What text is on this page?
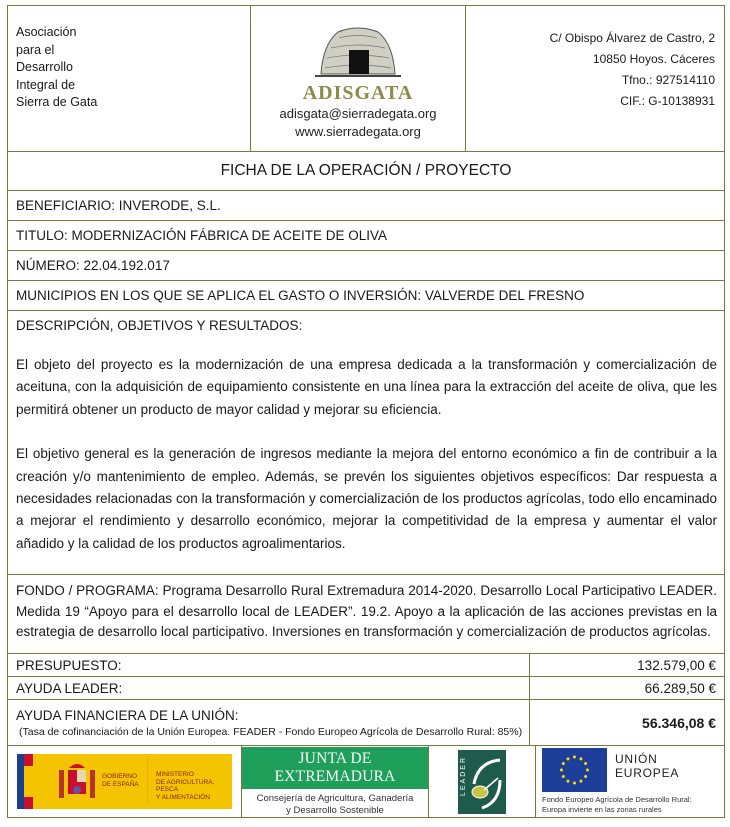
Asociación
para el
Desarrollo
Integral de
Sierra de Gata	ADISGATA
adisgata@sierradegata.org
www.sierradegata.org
C/ Obispo Álvarez de Castro, 2
10850 Hoyos. Cáceres
Tfno.: 927514110
CIF.: G-10138931
FICHA DE LA OPERACIÓN / PROYECTO
BENEFICIARIO: INVERODE, S.L.
TITULO: MODERNIZACIÓN FÁBRICA DE ACEITE DE OLIVA
NÚMERO: 22.04.192.017
MUNICIPIOS EN LOS QUE SE APLICA EL GASTO O INVERSIÓN: VALVERDE DEL FRESNO
DESCRIPCIÓN, OBJETIVOS Y RESULTADOS:

El objeto del proyecto es la modernización de una empresa dedicada a la transformación y comercialización de aceituna, con la adquisición de equipamiento consistente en una línea para la extracción del aceite de oliva, que les permitirá obtener un producto de mayor calidad y mejorar su eficiencia.

El objetivo general es la generación de ingresos mediante la mejora del entorno económico a fin de contribuir a la creación y/o mantenimiento de empleo. Además, se prevén los siguientes objetivos específicos: Dar respuesta a necesidades relacionadas con la transformación y comercialización de los productos agrícolas, todo ello encaminado a mejorar el rendimiento y desarrollo económico, mejorar la competitividad de la empresa y aumentar el valor añadido y la calidad de los productos agroalimentarios.

FONDO / PROGRAMA: Programa Desarrollo Rural Extremadura 2014-2020. Desarrollo Local Participativo LEADER. Medida 19 “Apoyo para el desarrollo local de LEADER”. 19.2. Apoyo a la aplicación de las acciones previstas en la estrategia de desarrollo local participativo. Inversiones en transformación y comercialización de productos agrícolas.
PRESUPUESTO:	132.579,00 €
AYUDA LEADER:	66.289,50 €
AYUDA FINANCIERA DE LA UNIÓN:
(Tasa de cofinanciación de la Unión Europea. FEADER - Fondo Europeo Agrícola de Desarrollo Rural: 85%)
56.346,08 €
GOBIERNO
DE ESPAÑA
MINISTERIO
DE AGRICULTURA, PESCA
Y ALIMENTACIÓN
JUNTA DE EXTREMADURA
Consejería de Agricultura, Ganadería
y Desarrollo Sostenible
LEADER	UNIÓN EUROPEA
Fondo Europeo Agrícola de Desarrollo Rural:
Europa invierte en las zonas rurales
